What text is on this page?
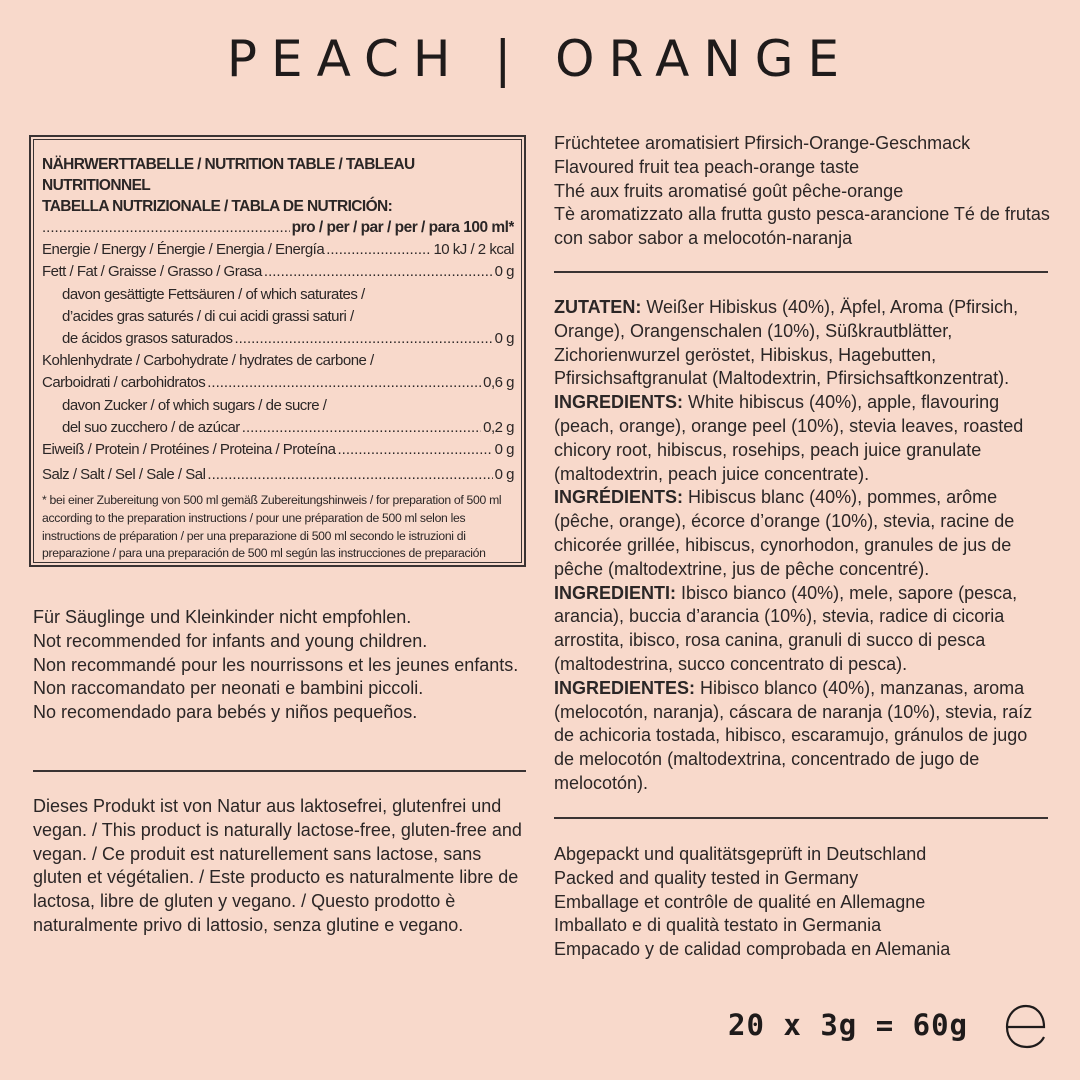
PEACH | ORANGE
NÄHRWERTTABELLE / NUTRITION TABLE / TABLEAU NUTRITIONNEL
TABELLA NUTRIZIONALE / TABLA DE NUTRICIÓN:
.....
pro / per / par / per / para 100 ml*
Energie / Energy / Énergie / Energia / Energía .....	10 kJ / 2 kcal
Fett / Fat / Graisse / Grasso / Grasa .....	0 g
davon gesättigte Fettsäuren / of which saturates /
d’acides gras saturés / di cui acidi grassi saturi /
de ácidos grasos saturados .....	0 g
Kohlenhydrate / Carbohydrate / hydrates de carbone /
Carboidrati / carbohidratos .....	0,6 g
davon Zucker / of which sugars / de sucre /
del suo zucchero / de azúcar .....	0,2 g
Eiweiß / Protein / Protéines / Proteina / Proteína .....	0 g
Salz / Salt / Sel / Sale / Sal .....	0 g
* bei einer Zubereitung von 500 ml gemäß Zubereitungshinweis / for preparation of 500 ml according to the preparation instructions / pour une préparation de 500 ml selon les instructions de préparation / per una preparazione di 500 ml secondo le istruzioni di preparazione / para una preparación de 500 ml según las instrucciones de preparación
Früchtetee aromatisiert Pfirsich-Orange-Geschmack
Flavoured fruit tea peach-orange taste
Thé aux fruits aromatisé goût pêche-orange
Tè aromatizzato alla frutta gusto pesca-arancione Té de frutas con sabor sabor a melocotón-naranja

ZUTATEN: Weißer Hibiskus (40%), Äpfel, Aroma (Pfirsich, Orange), Orangenschalen (10%), Süßkrautblätter, Zichorienwurzel geröstet, Hibiskus, Hagebutten, Pfirsichsaftgranulat (Maltodextrin, Pfirsichsaftkonzentrat).

INGREDIENTS: White hibiscus (40%), apple, flavouring (peach, orange), orange peel (10%), stevia leaves, roasted chicory root, hibiscus, rosehips, peach juice granulate (maltodextrin, peach juice concentrate).

INGRÉDIENTS: Hibiscus blanc (40%), pommes, arôme (pêche, orange), écorce d’orange (10%), stevia, racine de chicorée grillée, hibiscus, cynorhodon, granules de jus de pêche (maltodextrine, jus de pêche concentré).

INGREDIENTI: Ibisco bianco (40%), mele, sapore (pesca, arancia), buccia d’arancia (10%), stevia, radice di cicoria arrostita, ibisco, rosa canina, granuli di succo di pesca (maltodestrina, succo concentrato di pesca).

INGREDIENTES: Hibisco blanco (40%), manzanas, aroma (melocotón, naranja), cáscara de naranja (10%), stevia, raíz de achicoria tostada, hibisco, escaramujo, gránulos de jugo de melocotón (maltodextrina, concentrado de jugo de melocotón).

Abgepackt und qualitätsgeprüft in Deutschland
Packed and quality tested in Germany
Emballage et contrôle de qualité en Allemagne
Imballato e di qualità testato in Germania
Empacado y de calidad comprobada en Alemania
Für Säuglinge und Kleinkinder nicht empfohlen.
Not recommended for infants and young children.
Non recommandé pour les nourrissons et les jeunes enfants.
Non raccomandato per neonati e bambini piccoli.
No recomendado para bebés y niños pequeños.
Dieses Produkt ist von Natur aus laktosefrei, glutenfrei und vegan. / This product is naturally lactose-free, gluten-free and vegan. / Ce produit est naturellement sans lactose, sans gluten et végétalien. / Este producto es naturalmente libre de lactosa, libre de gluten y vegano. / Questo prodotto è naturalmente privo di lattosio, senza glutine e vegano.
20 x 3g = 60g
